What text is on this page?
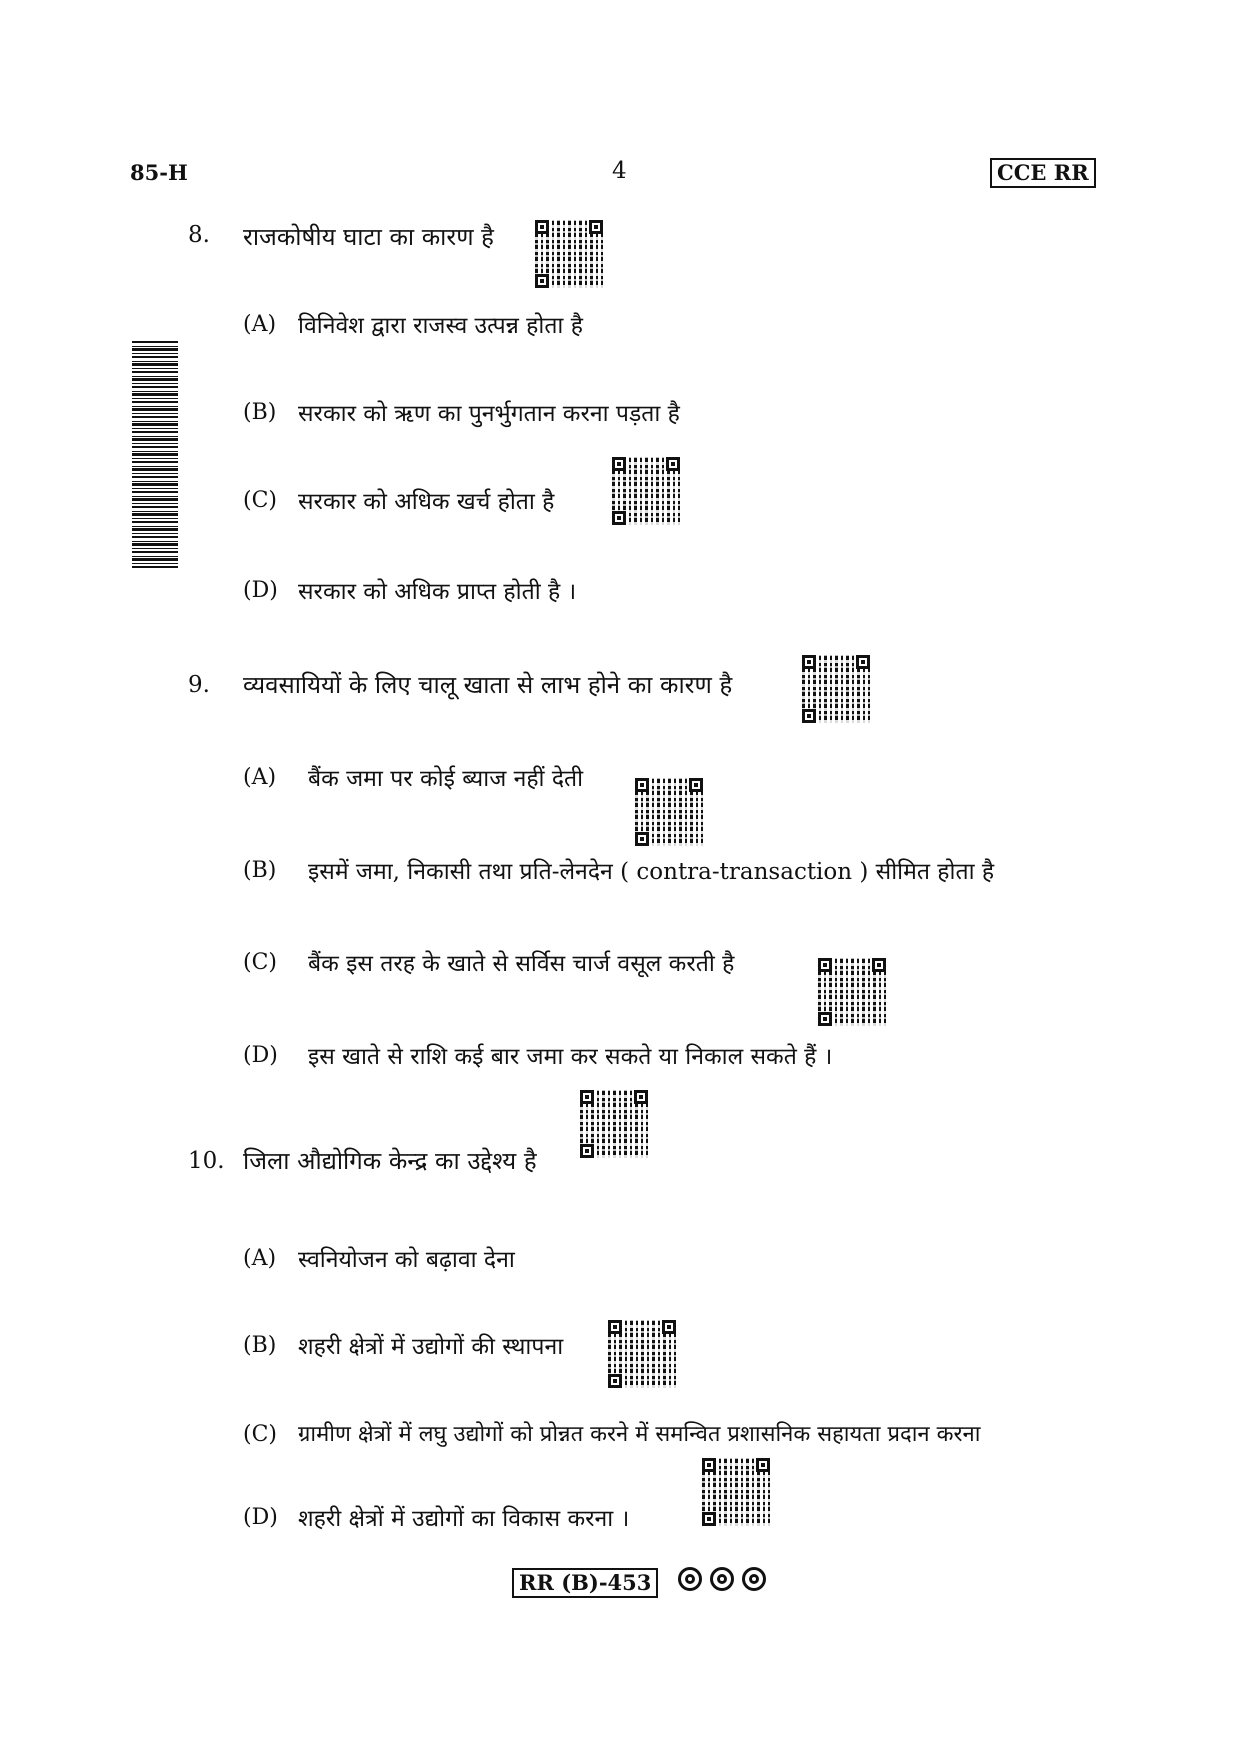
85-H	4	CCE RR
8. राजकोषीय घाटा का कारण है
(A) विनिवेश द्वारा राजस्व उत्पन्न होता है
(B) सरकार को ऋण का पुनर्भुगतान करना पड़ता है
(C) सरकार को अधिक खर्च होता है
(D) सरकार को अधिक प्राप्त होती है ।
9. व्यवसायियों के लिए चालू खाता से लाभ होने का कारण है
(A) बैंक जमा पर कोई ब्याज नहीं देती
(B) इसमें जमा, निकासी तथा प्रति-लेनदेन ( contra-transaction ) सीमित होता है
(C) बैंक इस तरह के खाते से सर्विस चार्ज वसूल करती है
(D) इस खाते से राशि कई बार जमा कर सकते या निकाल सकते हैं ।
10. जिला औद्योगिक केन्द्र का उद्देश्य है
(A) स्वनियोजन को बढ़ावा देना
(B) शहरी क्षेत्रों में उद्योगों की स्थापना
(C) ग्रामीण क्षेत्रों में लघु उद्योगों को प्रोन्नत करने में समन्वित प्रशासनिक सहायता प्रदान करना
(D) शहरी क्षेत्रों में उद्योगों का विकास करना ।
RR (B)-453
